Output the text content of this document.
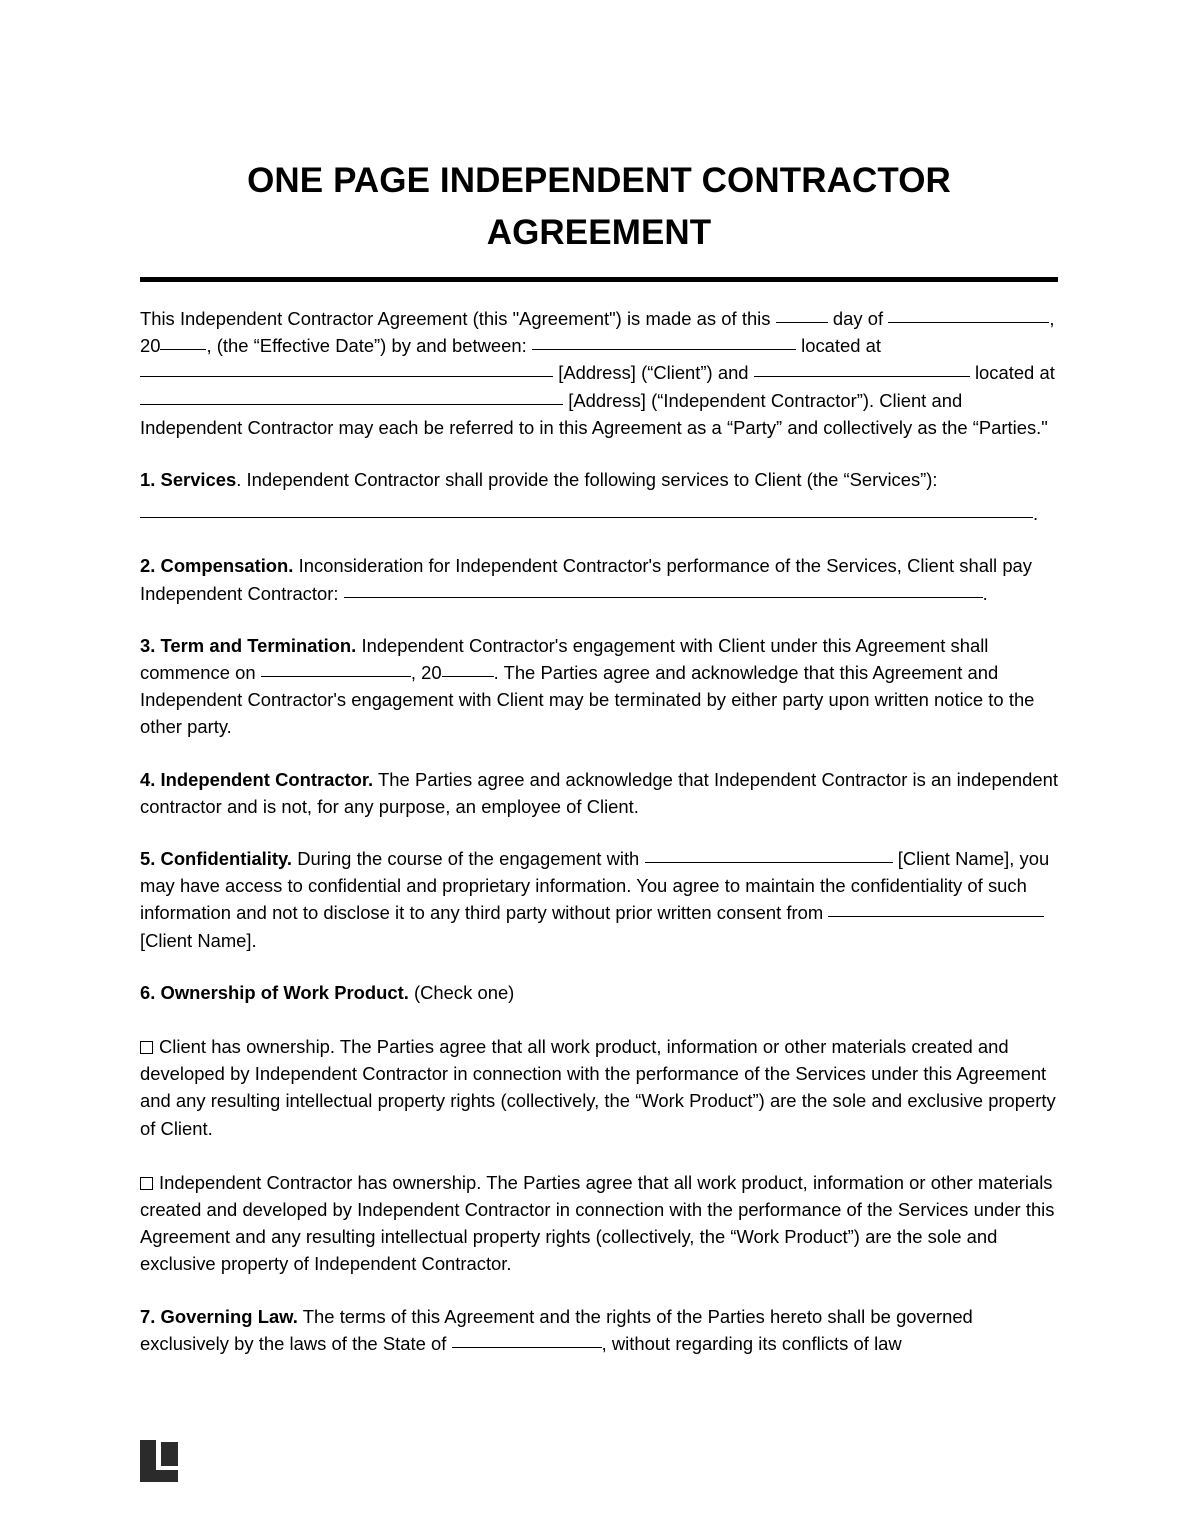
ONE PAGE INDEPENDENT CONTRACTOR AGREEMENT

This Independent Contractor Agreement (this "Agreement") is made as of this	day of	, 20	, (the “Effective Date”) by and between:	located at  [Address] (“Client”) and	located at  [Address] (“Independent Contractor”). Client and Independent Contractor may each be referred to in this Agreement as a “Party” and collectively as the “Parties."

1. Services. Independent Contractor shall provide the following services to Client (the “Services”):

.

2. Compensation. Inconsideration for Independent Contractor's performance of the Services, Client shall pay Independent Contractor:	.

3. Term and Termination. Independent Contractor's engagement with Client under this Agreement shall commence on	, 20	. The Parties agree and acknowledge that this Agreement and Independent Contractor's engagement with Client may be terminated by either party upon written notice to the other party.

4. Independent Contractor. The Parties agree and acknowledge that Independent Contractor is an independent contractor and is not, for any purpose, an employee of Client.

5. Confidentiality. During the course of the engagement with	[Client Name], you may have access to confidential and proprietary information. You agree to maintain the confidentiality of such information and not to disclose it to any third party without prior written consent from  [Client Name].

6. Ownership of Work Product. (Check one)

Client has ownership. The Parties agree that all work product, information or other materials created and developed by Independent Contractor in connection with the performance of the Services under this Agreement and any resulting intellectual property rights (collectively, the “Work Product”) are the sole and exclusive property of Client.

Independent Contractor has ownership. The Parties agree that all work product, information or other materials created and developed by Independent Contractor in connection with the performance of the Services under this Agreement and any resulting intellectual property rights (collectively, the “Work Product”) are the sole and exclusive property of Independent Contractor.

7. Governing Law. The terms of this Agreement and the rights of the Parties hereto shall be governed exclusively by the laws of the State of	, without regarding its conflicts of law
